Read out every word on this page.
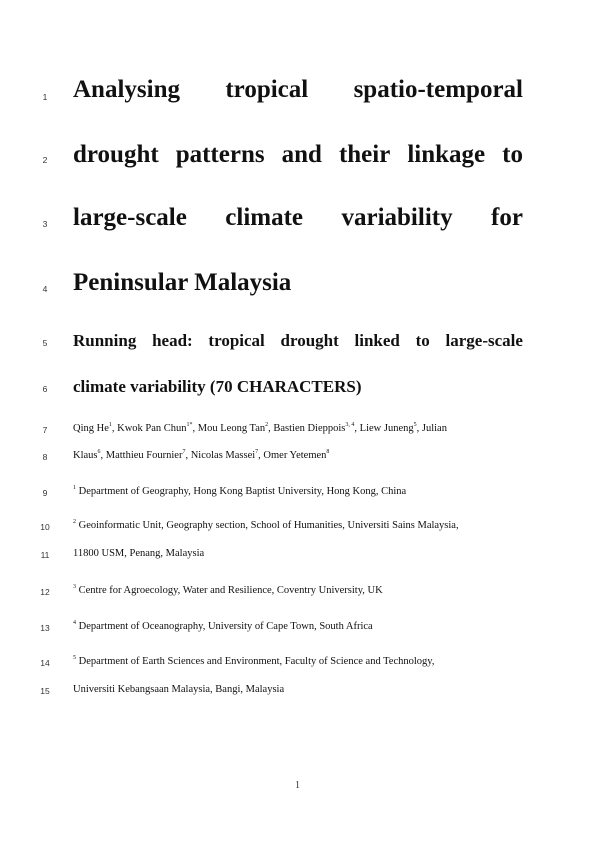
1
2
3
4
5
6
7
8
9
10
11
12
13
14
15
Analysing tropical spatio-temporal
drought patterns and their linkage to
large-scale climate variability for
Peninsular Malaysia
Running head: tropical drought linked to large-scale
climate variability (70 CHARACTERS)
Qing He$^1$, Kwok Pan Chun$^{1*}$, Mou Leong Tan$^2$, Bastien Dieppois$^{3, 4}$, Liew Juneng$^5$, Julian
Klaus$^6$, Matthieu Fournier$^7$, Nicolas Massei$^7$, Omer Yetemen$^8$
$^1$ Department of Geography, Hong Kong Baptist University, Hong Kong, China
$^2$ Geoinformatic Unit, Geography section, School of Humanities, Universiti Sains Malaysia,
11800 USM, Penang, Malaysia
$^3$ Centre for Agroecology, Water and Resilience, Coventry University, UK
$^4$ Department of Oceanography, University of Cape Town, South Africa
$^5$ Department of Earth Sciences and Environment, Faculty of Science and Technology,
Universiti Kebangsaan Malaysia, Bangi, Malaysia
1
